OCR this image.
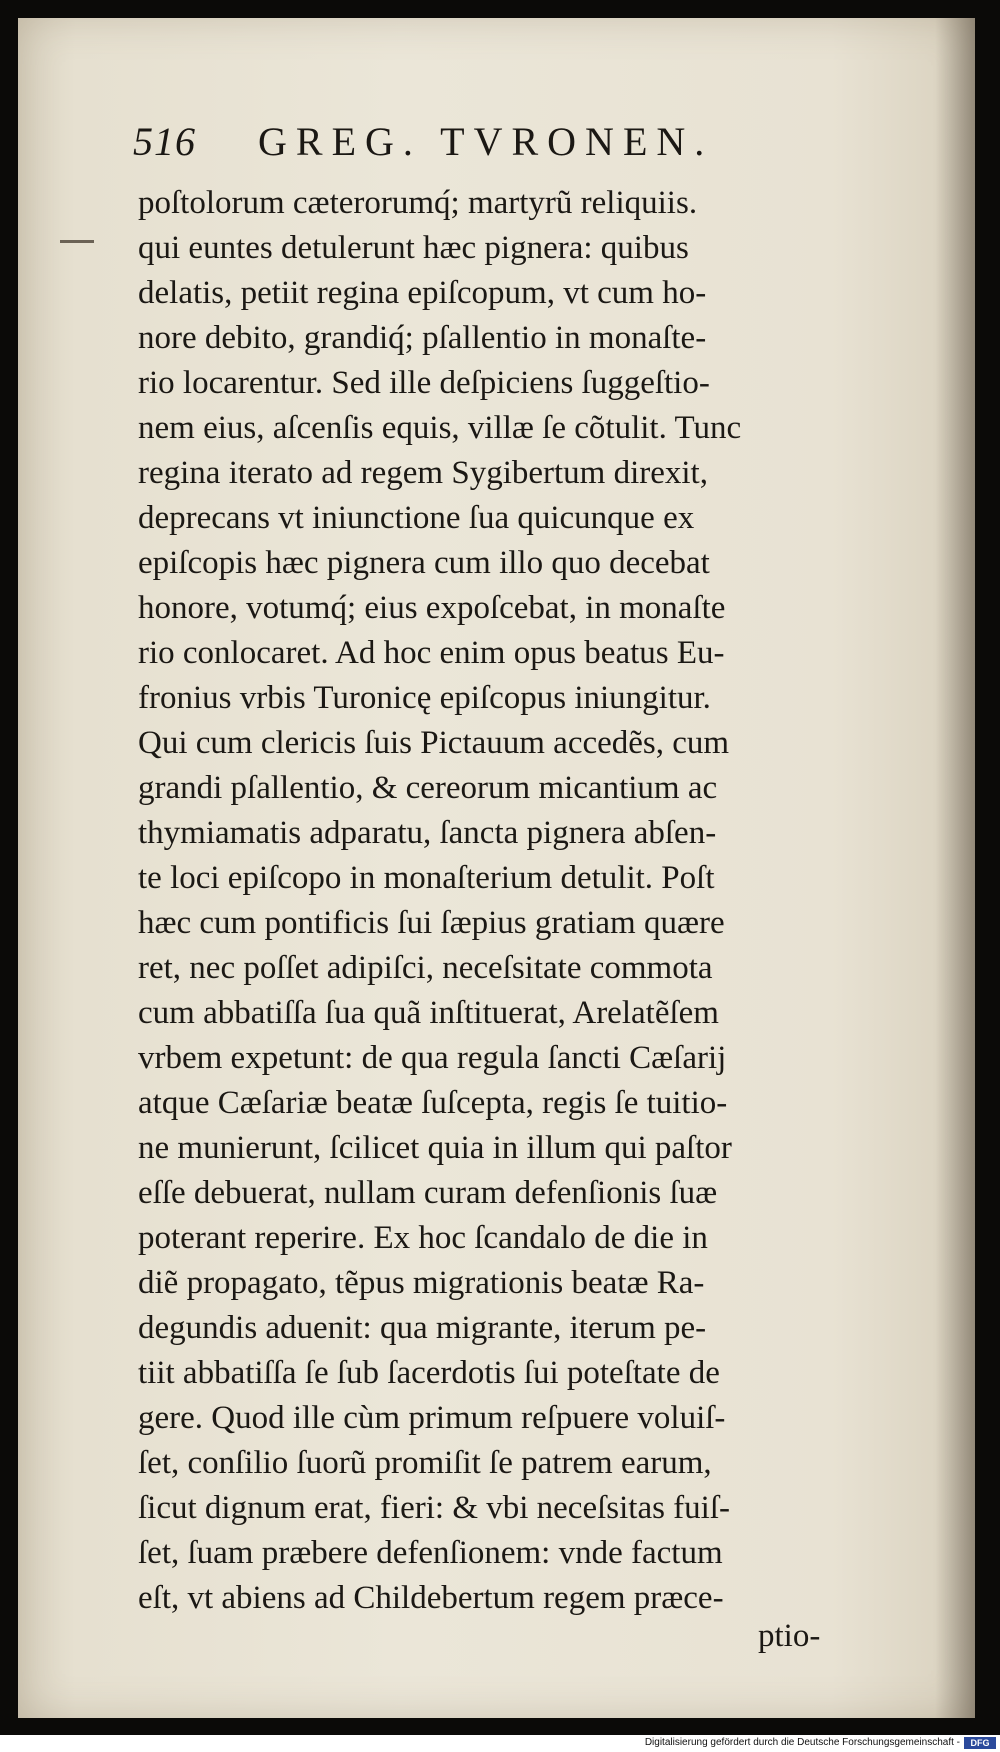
516 GREG. TVRONEN.
poſtolorum cæterorumq́; martyrũ reliquiis.
qui euntes detulerunt hæc pignera: quibus
delatis, petiit regina epiſcopum, vt cum ho-
nore debito, grandiq́; pſallentio in monaſte-
rio locarentur. Sed ille deſpiciens ſuggeſtio-
nem eius, aſcenſis equis, villæ ſe cõtulit. Tunc
regina iterato ad regem Sygibertum direxit,
deprecans vt iniunctione ſua quicunque ex
epiſcopis hæc pignera cum illo quo decebat
honore, votumq́; eius expoſcebat, in monaſte
rio conlocaret. Ad hoc enim opus beatus Eu-
fronius vrbis Turonicę epiſcopus iniungitur.
Qui cum clericis ſuis Pictauum accedẽs, cum
grandi pſallentio, & cereorum micantium ac
thymiamatis adparatu, ſancta pignera abſen-
te loci epiſcopo in monaſterium detulit. Poſt
hæc cum pontificis ſui ſæpius gratiam quære
ret, nec poſſet adipiſci, neceſsitate commota
cum abbatiſſa ſua quã inſtituerat, Arelatẽſem
vrbem expetunt: de qua regula ſancti Cæſarij
atque Cæſariæ beatæ ſuſcepta, regis ſe tuitio-
ne munierunt, ſcilicet quia in illum qui paſtor
eſſe debuerat, nullam curam defenſionis ſuæ
poterant reperire. Ex hoc ſcandalo de die in
diẽ propagato, tẽpus migrationis beatæ Ra-
degundis aduenit: qua migrante, iterum pe-
tiit abbatiſſa ſe ſub ſacerdotis ſui poteſtate de
gere. Quod ille cùm primum reſpuere voluiſ-
ſet, conſilio ſuorũ promiſit ſe patrem earum,
ſicut dignum erat, fieri: & vbi neceſsitas fuiſ-
ſet, ſuam præbere defenſionem: vnde factum
eſt, vt abiens ad Childebertum regem præce-
ptio-
Digitalisierung gefördert durch die Deutsche Forschungsgemeinschaft -	DFG
